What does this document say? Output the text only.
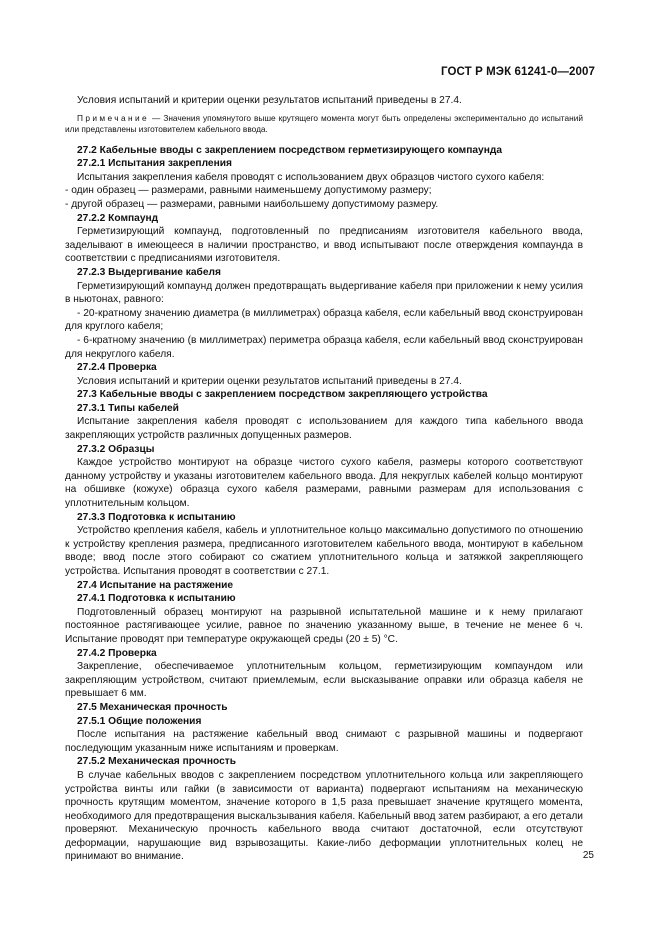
ГОСТ Р МЭК 61241-0—2007

Условия испытаний и критерии оценки результатов испытаний приведены в 27.4.

Примечание — Значения упомянутого выше крутящего момента могут быть определены экспериментально до испытаний или представлены изготовителем кабельного ввода.

27.2 Кабельные вводы с закреплением посредством герметизирующего компаунда

27.2.1 Испытания закрепления

Испытания закрепления кабеля проводят с использованием двух образцов чистого сухого кабеля:

- один образец — размерами, равными наименьшему допустимому размеру;

- другой образец — размерами, равными наибольшему допустимому размеру.

27.2.2 Компаунд

Герметизирующий компаунд, подготовленный по предписаниям изготовителя кабельного ввода, заделывают в имеющееся в наличии пространство, и ввод испытывают после отверждения компаунда в соответствии с предписаниями изготовителя.

27.2.3 Выдергивание кабеля

Герметизирующий компаунд должен предотвращать выдергивание кабеля при приложении к нему усилия в ньютонах, равного:

- 20-кратному значению диаметра (в миллиметрах) образца кабеля, если кабельный ввод сконструирован для круглого кабеля;

- 6-кратному значению (в миллиметрах) периметра образца кабеля, если кабельный ввод сконструирован для некруглого кабеля.

27.2.4 Проверка

Условия испытаний и критерии оценки результатов испытаний приведены в 27.4.

27.3 Кабельные вводы с закреплением посредством закрепляющего устройства

27.3.1 Типы кабелей

Испытание закрепления кабеля проводят с использованием для каждого типа кабельного ввода закрепляющих устройств различных допущенных размеров.

27.3.2 Образцы

Каждое устройство монтируют на образце чистого сухого кабеля, размеры которого соответствуют данному устройству и указаны изготовителем кабельного ввода. Для некруглых кабелей кольцо монтируют на обшивке (кожухе) образца сухого кабеля размерами, равными размерам для использования с уплотнительным кольцом.

27.3.3 Подготовка к испытанию

Устройство крепления кабеля, кабель и уплотнительное кольцо максимально допустимого по отношению к устройству крепления размера, предписанного изготовителем кабельного ввода, монтируют в кабельном вводе; ввод после этого собирают со сжатием уплотнительного кольца и затяжкой закрепляющего устройства. Испытания проводят в соответствии с 27.1.

27.4 Испытание на растяжение

27.4.1 Подготовка к испытанию

Подготовленный образец монтируют на разрывной испытательной машине и к нему прилагают постоянное растягивающее усилие, равное по значению указанному выше, в течение не менее 6 ч. Испытание проводят при температуре окружающей среды (20 ± 5) °С.

27.4.2 Проверка

Закрепление, обеспечиваемое уплотнительным кольцом, герметизирующим компаундом или закрепляющим устройством, считают приемлемым, если высказывание оправки или образца кабеля не превышает 6 мм.

27.5 Механическая прочность

27.5.1 Общие положения

После испытания на растяжение кабельный ввод снимают с разрывной машины и подвергают последующим указанным ниже испытаниям и проверкам.

27.5.2 Механическая прочность

В случае кабельных вводов с закреплением посредством уплотнительного кольца или закрепляющего устройства винты или гайки (в зависимости от варианта) подвергают испытаниям на механическую прочность крутящим моментом, значение которого в 1,5 раза превышает значение крутящего момента, необходимого для предотвращения выскальзывания кабеля. Кабельный ввод затем разбирают, а его детали проверяют. Механическую прочность кабельного ввода считают достаточной, если отсутствуют деформации, нарушающие вид взрывозащиты. Какие-либо деформации уплотнительных колец не принимают во внимание.	25
